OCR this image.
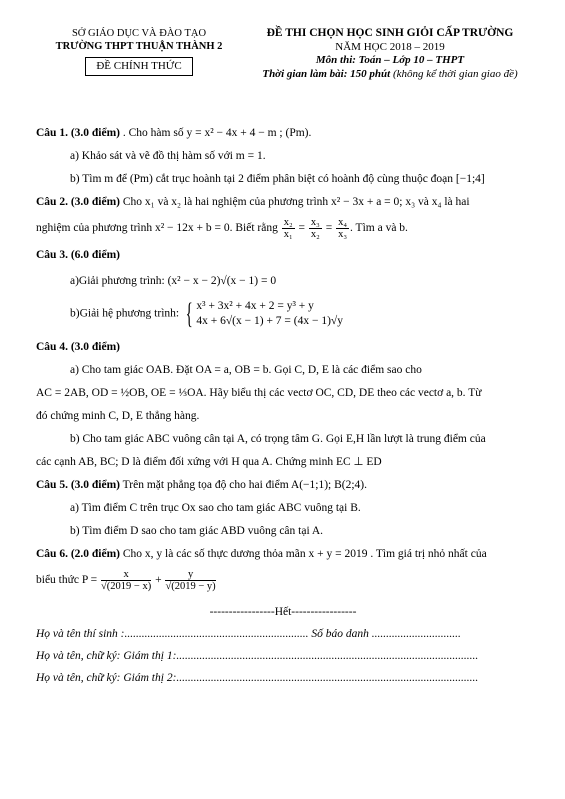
SỞ GIÁO DỤC VÀ ĐÀO TẠO
TRƯỜNG THPT THUẬN THÀNH 2
ĐỀ CHÍNH THỨC
ĐỀ THI CHỌN HỌC SINH GIỎI CẤP TRƯỜNG
NĂM HỌC 2018 – 2019
Môn thi: Toán – Lớp 10 – THPT
Thời gian làm bài: 150 phút (không kể thời gian giao đề)

Câu 1. (3.0 điểm) . Cho hàm số y = x² − 4x + 4 − m ; (Pm).

a) Khảo sát và vẽ đồ thị hàm số với m = 1.

b) Tìm m để (Pm) cắt trục hoành tại 2 điểm phân biệt có hoành độ cùng thuộc đoạn [−1;4]

Câu 2. (3.0 điểm) Cho x₁ và x₂ là hai nghiệm của phương trình x² − 3x + a = 0; x₃ và x₄ là hai

nghiệm của phương trình x² − 12x + b = 0. Biết rằng $\frac{\text{x₂}}{\text{x₁}} = \frac{\text{x₃}}{\text{x₂}} = \frac{\text{x₄}}{\text{x₃}}$ . Tìm a và b.

Câu 3. (6.0 điểm)

a)Giải phương trình: (x² − x − 2)√(x − 1) = 0

b)Giải hệ phương trình: { x³ + 3x² + 4x + 2 = y³ + y
4x + 6√(x − 1) + 7 = (4x − 1)√y

Câu 4. (3.0 điểm)

a) Cho tam giác OAB. Đặt OA = a, OB = b. Gọi C, D, E là các điểm sao cho

AC = 2AB, OD = ½OB, OE = ⅓OA. Hãy biểu thị các vectơ OC, CD, DE theo các vectơ a, b. Từ

đó chứng minh C, D, E thẳng hàng.

b) Cho tam giác ABC vuông cân tại A, có trọng tâm G. Gọi E,H lần lượt là trung điểm của

các cạnh AB, BC; D là điểm đối xứng với H qua A. Chứng minh EC ⊥ ED

Câu 5. (3.0 điểm) Trên mặt phẳng tọa độ cho hai điểm A(−1;1); B(2;4).

a) Tìm điểm C trên trục Ox sao cho tam giác ABC vuông tại B.

b) Tìm điểm D sao cho tam giác ABD vuông cân tại A.

Câu 6. (2.0 điểm) Cho x, y là các số thực dương thỏa mãn x + y = 2019 . Tìm giá trị nhỏ nhất của

biểu thức $P = \frac{x}{√(2019 - x)} + \frac{y}{√(2019 - y)}$

-----------------Hết-----------------

Họ và tên thí sinh :................................................................ Số báo danh ...............................

Họ và tên, chữ ký: Giám thị 1:.........................................................................................................

Họ và tên, chữ ký: Giám thị 2:.........................................................................................................
